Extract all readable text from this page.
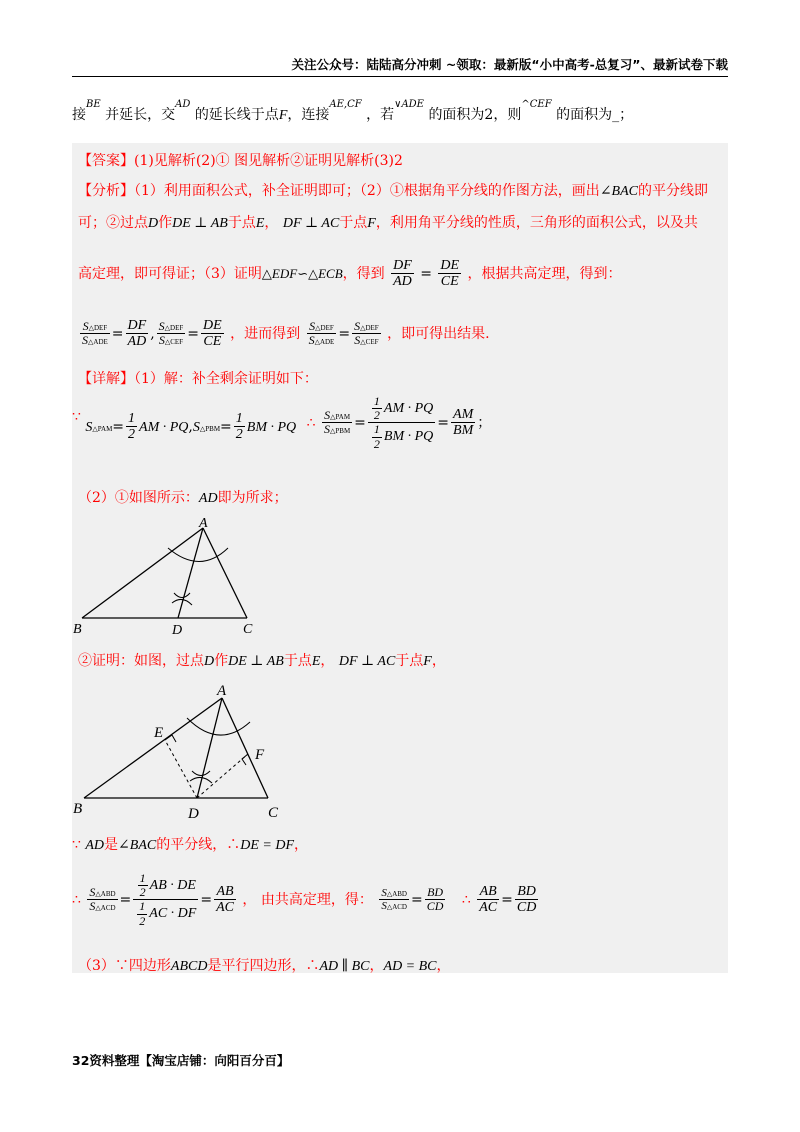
关注公众号：陆陆高分冲刺 ~领取：最新版“小中高考-总复习”、最新试卷下载
接$^{BE}$ 并延长，交$^{AD}$ 的延长线于点F，连接$^{AE,CF}$ ，若$^{\vee ADE}$ 的面积为2，则$^{\^{}CEF}$ 的面积为_；
【答案】(1)见解析(2)① 图见解析②证明见解析(3)2
【分析】（1）利用面积公式，补全证明即可；（2）①根据角平分线的作图方法，画出∠BAC的平分线即
可；②过点D作DE ⊥ AB于点E， DF ⊥ AC于点F，利用角平分线的性质，三角形的面积公式，以及共
高定理，即可得证；（3）证明△EDF∽△ECB，得到 $\frac{DF}{AD} = \frac{DE}{CE}$ ，根据共高定理，得到：
$\frac{\text{S△DEF}}{\text{S△ADE}} = \frac{DF}{AD}$ , $\frac{\text{S△DEF}}{\text{S△CEF}} = \frac{DE}{CE}$ ，进而得到 $\frac{\text{S△DEF}}{\text{S△ADE}} = \frac{\text{S△DEF}}{\text{S△CEF}}$ ，即可得出结果.
【详解】（1）解：补全剩余证明如下：
∵ S△PAM= $\frac{1}{2}$ AM · PQ,S△PBM= $\frac{1}{2}$ BM · PQ ∴ $\frac{\text{S△PAM}}{\text{S△PBM}} = \frac{\frac{1}{2} AM \cdot PQ}{\frac{1}{2} BM \cdot PQ} = \frac{AM}{BM}$ ；
（2）①如图所示：AD即为所求；
A
B	D	C
②证明：如图，过点D作DE ⊥ AB于点E， DF ⊥ AC于点F，
A
E
F
B	D	C
∵ AD是∠BAC的平分线，∴DE = DF，
∴ $\frac{\text{S△ABD}}{\text{S△ACD}} = \frac{\frac{1}{2} AB \cdot DE}{\frac{1}{2} AC \cdot DF} = \frac{AB}{AC}$ ， 由共高定理，得： $\frac{\text{S△ABD}}{\text{S△ACD}} = \frac{BD}{CD}$ ∴ $\frac{AB}{AC} = \frac{BD}{CD}$
（3）∵四边形ABCD是平行四边形，∴AD ∥ BC，AD = BC，
32资料整理【淘宝店铺：向阳百分百】
